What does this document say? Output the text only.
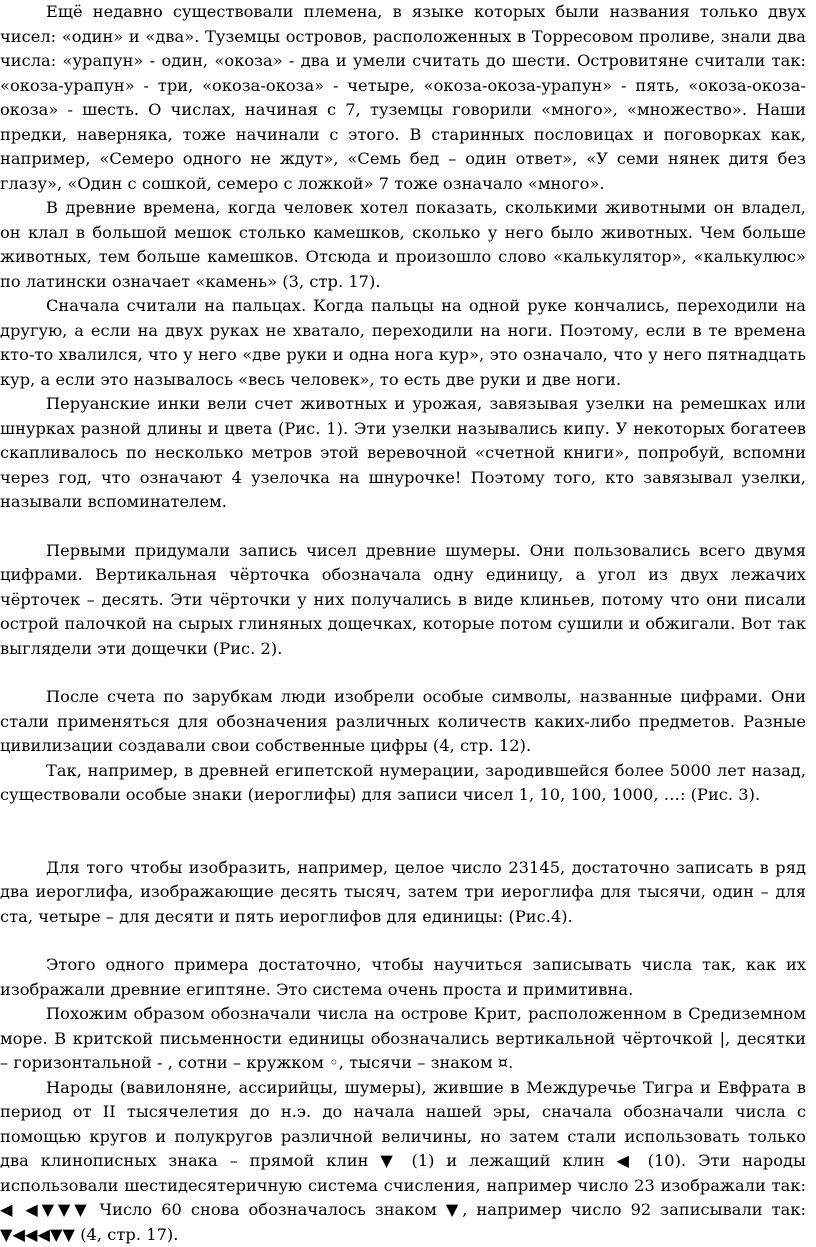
Ещё недавно существовали племена, в языке которых были названия только двух чисел: «один» и «два». Туземцы островов, расположенных в Торресовом проливе, знали два числа: «урапун» - один, «окоза» - два и умели считать до шести. Островитяне считали так: «окоза-урапун» - три, «окоза-окоза» - четыре, «окоза-окоза-урапун» - пять, «окоза-окоза-окоза» - шесть. О числах, начиная с 7, туземцы говорили «много», «множество». Наши предки, наверняка, тоже начинали с этого. В старинных пословицах и поговорках как, например, «Семеро одного не ждут», «Семь бед – один ответ», «У семи нянек дитя без глазу», «Один с сошкой, семеро с ложкой» 7 тоже означало «много».

В древние времена, когда человек хотел показать, сколькими животными он владел, он клал в большой мешок столько камешков, сколько у него было животных. Чем больше животных, тем больше камешков. Отсюда и произошло слово «калькулятор», «калькулюс» по латински означает «камень» (3, стр. 17).

Сначала считали на пальцах. Когда пальцы на одной руке кончались, переходили на другую, а если на двух руках не хватало, переходили на ноги. Поэтому, если в те времена кто-то хвалился, что у него «две руки и одна нога кур», это означало, что у него пятнадцать кур, а если это называлось «весь человек», то есть две руки и две ноги.

Перуанские инки вели счет животных и урожая, завязывая узелки на ремешках или шнурках разной длины и цвета (Рис. 1). Эти узелки назывались кипу. У некоторых богатеев скапливалось по несколько метров этой веревочной «счетной книги», попробуй, вспомни через год, что означают 4 узелочка на шнурочке! Поэтому того, кто завязывал узелки, называли вспоминателем.

Первыми придумали запись чисел древние шумеры. Они пользовались всего двумя цифрами. Вертикальная чёрточка обозначала одну единицу, а угол из двух лежачих чёрточек – десять. Эти чёрточки у них получались в виде клиньев, потому что они писали острой палочкой на сырых глиняных дощечках, которые потом сушили и обжигали. Вот так выглядели эти дощечки (Рис. 2).

После счета по зарубкам люди изобрели особые символы, названные цифрами. Они стали применяться для обозначения различных количеств каких-либо предметов. Разные цивилизации создавали свои собственные цифры (4, стр. 12).

Так, например, в древней египетской нумерации, зародившейся более 5000 лет назад, существовали особые знаки (иероглифы) для записи чисел 1, 10, 100, 1000, …: (Рис. 3).

Для того чтобы изобразить, например, целое число 23145, достаточно записать в ряд два иероглифа, изображающие десять тысяч, затем три иероглифа для тысячи, один – для ста, четыре – для десяти и пять иероглифов для единицы: (Рис.4).

Этого одного примера достаточно, чтобы научиться записывать числа так, как их изображали древние египтяне. Это система очень проста и примитивна.

Похожим образом обозначали числа на острове Крит, расположенном в Средиземном море. В критской письменности единицы обозначались вертикальной чёрточкой |, десятки – горизонтальной - , сотни – кружком ◦, тысячи – знаком ¤.

Народы (вавилоняне, ассирийцы, шумеры), жившие в Междуречье Тигра и Евфрата в период от II тысячелетия до н.э. до начала нашей эры, сначала обозначали числа с помощью кругов и полукругов различной величины, но затем стали использовать только два клинописных знака – прямой клин ▼ (1) и лежащий клин ◀ (10). Эти народы использовали шестидесятеричную система счисления, например число 23 изображали так: ◀ ◀▼▼▼ Число 60 снова обозначалось знаком ▼, например число 92 записывали так: ▼◀◀◀▼▼ (4, стр. 17).
